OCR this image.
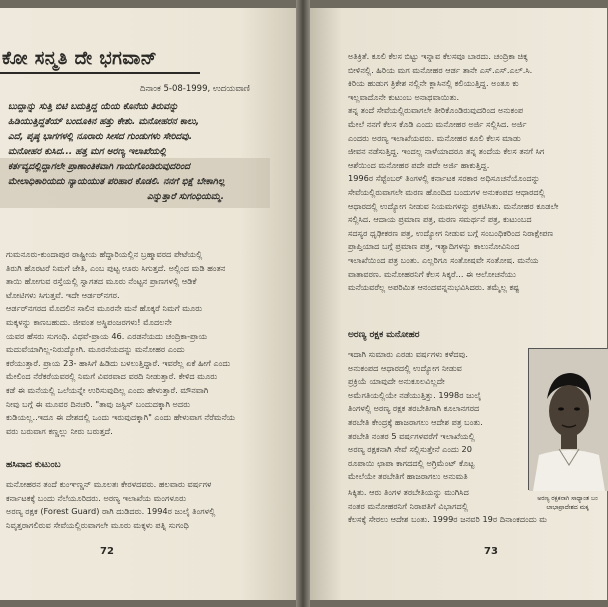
ಕೋ ಸನ್ಮತಿ ದೇ ಭಗವಾನ್
ದಿನಾಂಕ 5-08-1999, ಉದಯವಾಣಿ
ಬುದ್ದಾನ್ನು ಸುತ್ತಿ ಬಿಟಿ ಬದುತ್ತಿದ್ದ ಯೆಯ ಕೊನೆಯ ತಿರುವನ್ನು
ಹಿಡಿಯುತ್ತಿದ್ದತೆಯ್ ಬಂದೂಕಿನ ಹತ್ತು ಕೇಶು. ಮನೋಹರನ ಕಾಲು,
ಎದೆ, ಪೃಷ್ಠ ಭಾಗಗಳಲ್ಲಿ ನೂರಾರು ಸೀಸದ ಗುಂಡುಗಳು ಸೇರಿದವು.
ಮನೋಹರ ಕುಸಿದ... ಹತ್ತ ಮಗ ಅರಣ್ಯ ಇಲಾಖೆಯಲ್ಲಿ
ಕರ್ತವ್ಯದಲ್ಲಿದ್ದಾಗಲೇ ಪ್ರಾಣಾಂತಿಕವಾಗಿ ಗಾಯಗೊಂಡಿರುವುದರಿಂದ
ಮೇಲಾಧಿಕಾರಿಯದು ನ್ಯಾಯಯುತ ಪರಿಹಾರ ಕೊಡಲಿ. ನನಗೆ ಭಿಕ್ಷೆ ಬೇಕಾಗಿಲ್ಲ
ಎನ್ನುತ್ತಾರೆ ಸುಗಂಧಿಯಮ್ಮ.
ಗುಮನೂರು-ಕುಂದಾಪುರ ರಾಷ್ಟ್ರೀಯ ಹೆದ್ದಾರಿಯಲ್ಲಿನ ಬ್ರಹ್ಮಾವರದ ಪೇಟೆಯಲ್ಲಿ
ತಿರುಗಿ ಹೊರಟರೆ ನಿಮಗೆ ಜೇತಿ, ಎಂಬ ಪುಟ್ಟ ಊರು ಸಿಗುತ್ತದೆ. ಅಲ್ಲಿಂದ ಮಡಿ ಹಂತನ
ತಾಯಿ ಹೋಗುವ ರಸ್ತೆಯಲ್ಲಿ ಸ್ವಾಗತದ ಮೂರು ನೆಂಟ್ಟನ ಪ್ರಾಣಗಳಲ್ಲಿ ಆಡಿಕೆ
ಟೋಟಿಗಳು ಸಿಗುತ್ತವೆ. ಇದೇ ಆರ್ಡರ್‌ನಗರ.
ಆರ್ಡರ್‌ನಗರದ ಮೊದಲಿನ ಸಾಲಿನ ಮೂರನೇ ಮನೆ ಹೊಕ್ಕರೆ ನಿಮಗೆ ಮೂರು
ಮಕ್ಕಳನ್ನು ಕಾಣಬಹುದು. ಜೀವಂತ ಅಸ್ಥಿಪಂಜರಗಳು! ಮೊದಲನೇ
ಯವರ ಹೆಸರು ಸುಗಂಧಿ. ವಿಧವೆ-ಪ್ರಾಯ 46. ಎರಡನೆಯದು ಚಂದ್ರಿಕಾ-ಪ್ರಾಯ
ಮದುವೆಯಾಗಿಲ್ಲ-ನಿರುದ್ಯೋಗಿ. ಮೂರನೆಯದನ್ನು ಮನೋಹರ ಎಂದು
ಕರೆಯುತ್ತಾರೆ. ಪ್ರಾಯ 23- ಹಾಸಿಗೆ ಹಿಡಿದು ಬಳಲುತ್ತಿದ್ದಾರೆ. ಇವರೆಲ್ಲ ಏಕೆ ಹೀಗೆ ಎಂದು
ಮೇಲಿಂದ ನೆರೆಕರೆಯವರಲ್ಲಿ ನಿಮಗೆ ವಿವರವಾದ ವರದಿ ನೀಡುತ್ತಾರೆ. ಕೇಳಿದ ಮೂರು
ಕಡೆ ಈ ಮನೆಯಲ್ಲಿ ಒಲೆಯನ್ನೇ ಉರಿಸುವುದಿಲ್ಲ ಎಂದು ಹೇಳುತ್ತಾರೆ. ಮೌನವಾಗಿ
ನೀವು ಬಗ್ಗೆ ಈ ಮೂವರ ದಿನಚರಿ. "ತಾವು ಜಸ್ಟಿಸ್ ಬಂದುದಕ್ಕಾಗಿ ಅದರು
ಕುಡಿಯಲ್ಲ..ಇದೂ ಈ ದೇಶದಲ್ಲಿ ಒಂದು ಇರುವುದಕ್ಕಾಗಿ" ಎಂದು ಹೇಳುವಾಗ ನೆರೆಮನೆಯ
ವರು ಬರುವಾಗ ಕಣ್ಣಲ್ಲು ನೀರು ಬರುತ್ತದೆ.
ಹಸಿವಾದ ಕುಟುಂಬ
ಮನೋಹರನ ತಂದೆ ಕುಂಞಣ್ಣನ್ ಮೂಲತಃ ಕೇರಳದವರು. ಹಲವಾರು ವರ್ಷಗಳ
ಕರ್ನಾಟಕಕ್ಕೆ ಬಂದು ನೆಲೆಯೂರಿದರು. ಅರಣ್ಯ ಇಲಾಖೆಯ ಮಂಗಳೂರು
ಅರಣ್ಯ ರಕ್ಷಕ (Forest Guard) ರಾಗಿ ದುಡಿದರು. 1994ರ ಜುಲೈ ತಿಂಗಳಲ್ಲಿ
ನಿವೃತ್ತರಾಗಲಿರುವ ಸೇವೆಯಲ್ಲಿರುವಾಗಲೇ ಮೂರು ಮಕ್ಕಳು ಪತ್ನಿ ಸುಗಂಧಿ
72
ಅತಿಕ್ರಿತೆ. ಕೂಲಿ ಕೆಲಸ ಬಿಟ್ಟು ಇನ್ನಾವ ಕೆಲಸವೂ ಬಾರದು. ಚಂದ್ರಿಕಾ ಚಿಕ್ಕ
ಬೀಳಿನಲ್ಲಿ. ಹಿರಿಯ ಮಗ ಮನೋಹರ ಆರ್ಡ ತಾನೇ ಎಸ್.ಎಸ್.ಎಲ್.ಸಿ.
ಕಿರಿಯ ಹುಡುಗ ತ್ರಿಕೇಶ ನಲ್ಲಿನೇ ಕ್ಲಾಸಿನಲ್ಲಿ ಕಲಿಯುತ್ತಿದ್ದ. ಅಂತೂ ಕು
ಇಲ್ಲವಾದೊನೇ ಕುಟುಂಬ ಅನಾಥವಾಯಿತು.
ತನ್ನ ತಂದೆ ಸೇವೆಯಲ್ಲಿರುವಾಗಲೇ ತೀರಿಕೊಂಡಿರುವುದರಿಂದ ಅನುಕಂಪ
ಮೇಲೆ ನನಗೆ ಕೆಲಸ ಕೊಡಿ ಎಂದು ಮನೋಹರ ಅರ್ಜಿ ಸಲ್ಲಿಸಿದ. ಅರ್ಜಿ
ಎಂದರು ಅರಣ್ಯ ಇಲಾಖೆಯವರು. ಮನೋಹರ ಕೂಲಿ ಕೆಲಸ ಮಾಡು
ಜೀವನ ನಡೆಸುತ್ತಿದ್ದ. ಇಂದಲ್ಲ ನಾಳೆಯಾದರೂ ತನ್ನ ತಂದೆಯ ಕೆಲಸ ತನಗೆ ಸಿಗ
ಆಶೆಯಿಂದ ಮನೋಹರ ಪದೇ ಪದೇ ಅರ್ಜಿ ಹಾಕುತ್ತಿದ್ದ.
1996ರ ಸೆಪ್ಟೆಂಬರ್ ತಿಂಗಳಲ್ಲಿ ಕರ್ನಾಟಕ ಸರಕಾರ ಅಧಿಸೂಚನೆಯೊಂದನ್ನು
ಸೇವೆಯಲ್ಲಿರುವಾಗಲೇ ಮರಣ ಹೊಂದಿದ ಬಂದುಗಳ ಅನುಕಂಪದ ಆಧಾರದಲ್ಲಿ
ಆಧಾರದಲ್ಲಿ ಉದ್ಯೋಗ ನೀಡುವ ನಿಯಮಗಳನ್ನು ಪ್ರಕಟಿಸಿತು. ಮನೋಹರ ಕೂಡಲೇ
ಸಲ್ಲಿಸಿದ. ಆದಾಯ ಪ್ರಮಾಣ ಪತ್ರ, ಮರಣ ಸಮರ್ಥನೆ ಪತ್ರ, ಕುಟುಂಬದ
ಸದಸ್ಯರ ಧೃಢೀಕರಣ ಪತ್ರ, ಉದ್ಯೋಗ ನೀಡುವ ಬಗ್ಗೆ ಸಂಬಂಧಿಕರಿಂದ ನಿರಾಕ್ಷೇಪಣ
ಪ್ರಾಪ್ತಿಯಾದ ಬಗ್ಗೆ ಪ್ರಮಾಣ ಪತ್ರ, ಇತ್ಯಾದಿಗಳನ್ನು ಕಾಲುನೋವಿನಿಂದ
ಇಲಾಖೆಯಿಂದ ಪತ್ರ ಬಂತು. ಎಲ್ಲರಿಗೂ ಸಂತೋಷವೇ ಸಂತೋಷ. ಮನೆಯ
ವಾತಾವರಣ. ಮನೋಹರನಿಗೆ ಕೆಲಸ ಸಿಕ್ಕರೆ... ಈ ಆಲೋಚನೆಯು
ಮನೆಯವರೆಲ್ಲ ಅಪರಿಮಿತ ಆನಂದವನ್ನನುಭವಿಸಿದರು. ತಮ್ಮೆಲ್ಲ ಕಷ್ಟ
ಅರಣ್ಯ ರಕ್ಷಕ ಮನೋಹರ
ಇದಾಗಿ ಸುಮಾರು ಎರಡು ವರ್ಷಗಳು ಕಳೆದವು.
ಅನುಕಂಪದ ಆಧಾರದಲ್ಲಿ ಉದ್ಯೋಗ ನೀಡುವ
ಪ್ರಕ್ರಿಯೆ ಯಾವುದೇ ಅನುಕೂಲವಿಲ್ಲದೇ
ಅಮೆಗತಿಯಲ್ಲಿಯೇ ನಡೆಯುತ್ತಿತ್ತು. 1998ರ ಜುಲೈ
ತಿಂಗಳಲ್ಲಿ ಅರಣ್ಯ ರಕ್ಷಕ ತರಬೇತಿಗಾಗಿ ಕೂಲಾನಗರದ
ತರಬೇತಿ ಕೇಂದ್ರಕ್ಕೆ ಹಾಜರಾಗಲು ಆದೇಶ ಪತ್ರ ಬಂತು.
ತರಬೇತಿ ನಂತರ 5 ವರ್ಷಗಳವರೆಗೆ ಇಲಾಖೆಯಲ್ಲಿ
ಅರಣ್ಯ ರಕ್ಷಕನಾಗಿ ಸೇವೆ ಸಲ್ಲಿಸುತ್ತೇನೆ ಎಂದು 20
ರೂಪಾಯಿ ಛಾಪಾ ಕಾಗದದಲ್ಲಿ ಅಗ್ರಿಮೆಂಟ್ ಕೊಟ್ಟ
ಮೇಲೆಯೇ ತರಬೇತಿಗೆ ಹಾಜರಾಗಲು ಅನುಮತಿ
ಸಿಕ್ಕಿತು. ಆರು ತಿಂಗಳ ತರಬೇತಿಯನ್ನು ಮುಗಿಸಿದ
ನಂತರ ಮನೋಹರನಿಗೆ ನಿರಾಪತಿಗೆ ವಿಭಾಗದಲ್ಲಿ
ಕೆಲಸಕ್ಕೆ ಸೇರಲು ಆದೇಶ ಬಂತು. 1999ರ ಜನವರಿ 19ರ ದಿನಾಂಕದಂದು ಮ
ಅರಣ್ಯ ರಕ್ಷಕನಾಗಿ ಸಾಧ್ಯಾಂತ ಬಂ
ಲಾಭಾಪ್ರಾದೇಶದ ಮಕ್ಕ
73
